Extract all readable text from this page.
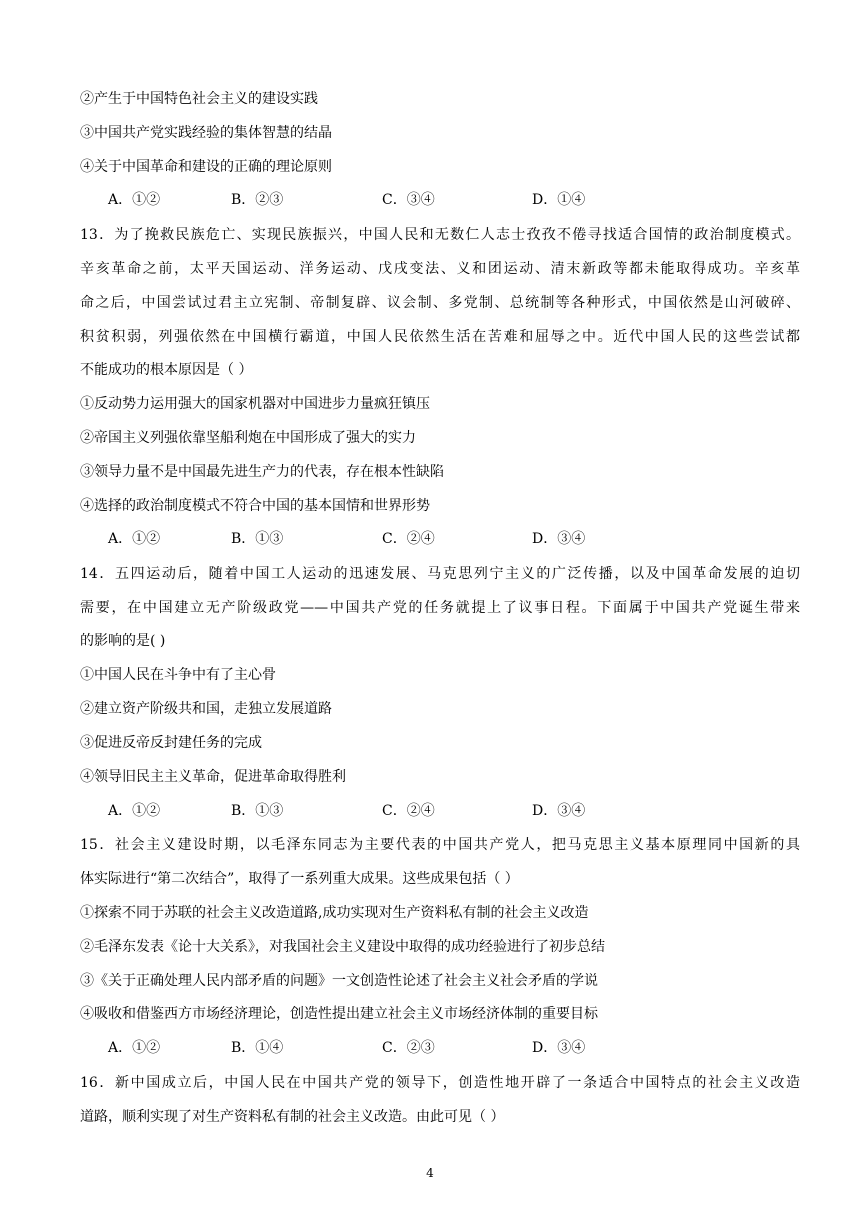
②产生于中国特色社会主义的建设实践
③中国共产党实践经验的集体智慧的结晶
④关于中国革命和建设的正确的理论原则
A．①②	B．②③	C．③④	D．①④
13．为了挽救民族危亡、实现民族振兴，中国人民和无数仁人志士孜孜不倦寻找适合国情的政治制度模式。
辛亥革命之前，太平天国运动、洋务运动、戊戌变法、义和团运动、清末新政等都未能取得成功。辛亥革
命之后，中国尝试过君主立宪制、帝制复辟、议会制、多党制、总统制等各种形式，中国依然是山河破碎、
积贫积弱，列强依然在中国横行霸道，中国人民依然生活在苦难和屈辱之中。近代中国人民的这些尝试都
不能成功的根本原因是（ ）
①反动势力运用强大的国家机器对中国进步力量疯狂镇压
②帝国主义列强依靠坚船利炮在中国形成了强大的实力
③领导力量不是中国最先进生产力的代表，存在根本性缺陷
④选择的政治制度模式不符合中国的基本国情和世界形势
A．①②	B．①③	C．②④	D．③④
14．五四运动后，随着中国工人运动的迅速发展、马克思列宁主义的广泛传播，以及中国革命发展的迫切
需要，在中国建立无产阶级政党——中国共产党的任务就提上了议事日程。下面属于中国共产党诞生带来
的影响的是( )
①中国人民在斗争中有了主心骨
②建立资产阶级共和国，走独立发展道路
③促进反帝反封建任务的完成
④领导旧民主主义革命，促进革命取得胜利
A．①②	B．①③	C．②④	D．③④
15．社会主义建设时期，以毛泽东同志为主要代表的中国共产党人，把马克思主义基本原理同中国新的具
体实际进行“第二次结合”，取得了一系列重大成果。这些成果包括（ ）
①探索不同于苏联的社会主义改造道路,成功实现对生产资料私有制的社会主义改造
②毛泽东发表《论十大关系》，对我国社会主义建设中取得的成功经验进行了初步总结
③《关于正确处理人民内部矛盾的问题》一文创造性论述了社会主义社会矛盾的学说
④吸收和借鉴西方市场经济理论，创造性提出建立社会主义市场经济体制的重要目标
A．①②	B．①④	C．②③	D．③④
16．新中国成立后，中国人民在中国共产党的领导下，创造性地开辟了一条适合中国特点的社会主义改造
道路，顺利实现了对生产资料私有制的社会主义改造。由此可见（ ）
4
